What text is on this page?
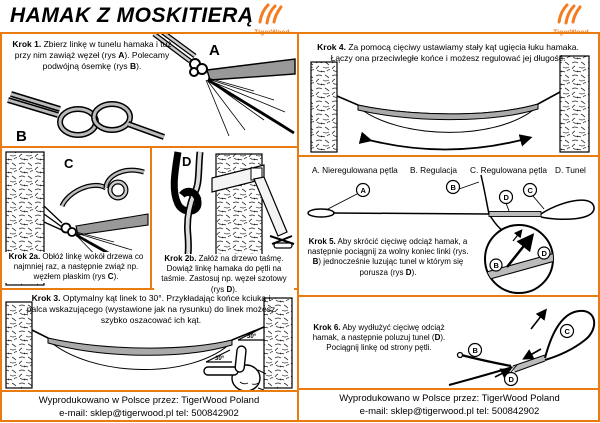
HAMAK Z MOSKITIERĄ
Krok 1. Zbierz linkę w tunelu hamaka i tuż przy nim zawiąż węzeł (rys A). Polecamy podwójną ósemkę (rys B).
A
B
C
Krok 2a. Obłóż linkę wokół drzewa co najmniej raz, a następnie zwiąż np. węzłem płaskim (rys C).
D
Krok 2b. Załóż na drzewo taśmę. Dowiąż linkę hamaka do pętli na taśmie. Zastosuj np. węzeł szotowy (rys D).
Krok 3. Optymalny kąt linek to 30°. Przykładając końce kciuka i palca wskazującego (wystawione jak na rysunku) do linek możesz szybko oszacować ich kąt.
30°
30°
Wyprodukowano w Polsce przez: TigerWood Poland
e-mail: sklep@tigerwood.pl tel: 500842902
Krok 4. Za pomocą cięciwy ustawiamy stały kąt ugięcia łuku hamaka. Łączy ona przeciwległe końce i możesz regulować jej długość.
A. Nieregulowana pętla B. Regulacja C. Regulowana pętla D. Tunel
A	B
D
C
B
D
Krok 5. Aby skrócić cięciwę odciąż hamak, a następnie pociągnij za wolny koniec linki (rys. B) jednocześnie luzując tunel w którym się porusza (rys D).
Krok 6. Aby wydłużyć cięciwę odciąż hamak, a następnie poluzuj tunel (D). Pociągnij linkę od strony pętli.	B
C
D
Wyprodukowano w Polsce przez: TigerWood Poland
e-mail: sklep@tigerwood.pl tel: 500842902
